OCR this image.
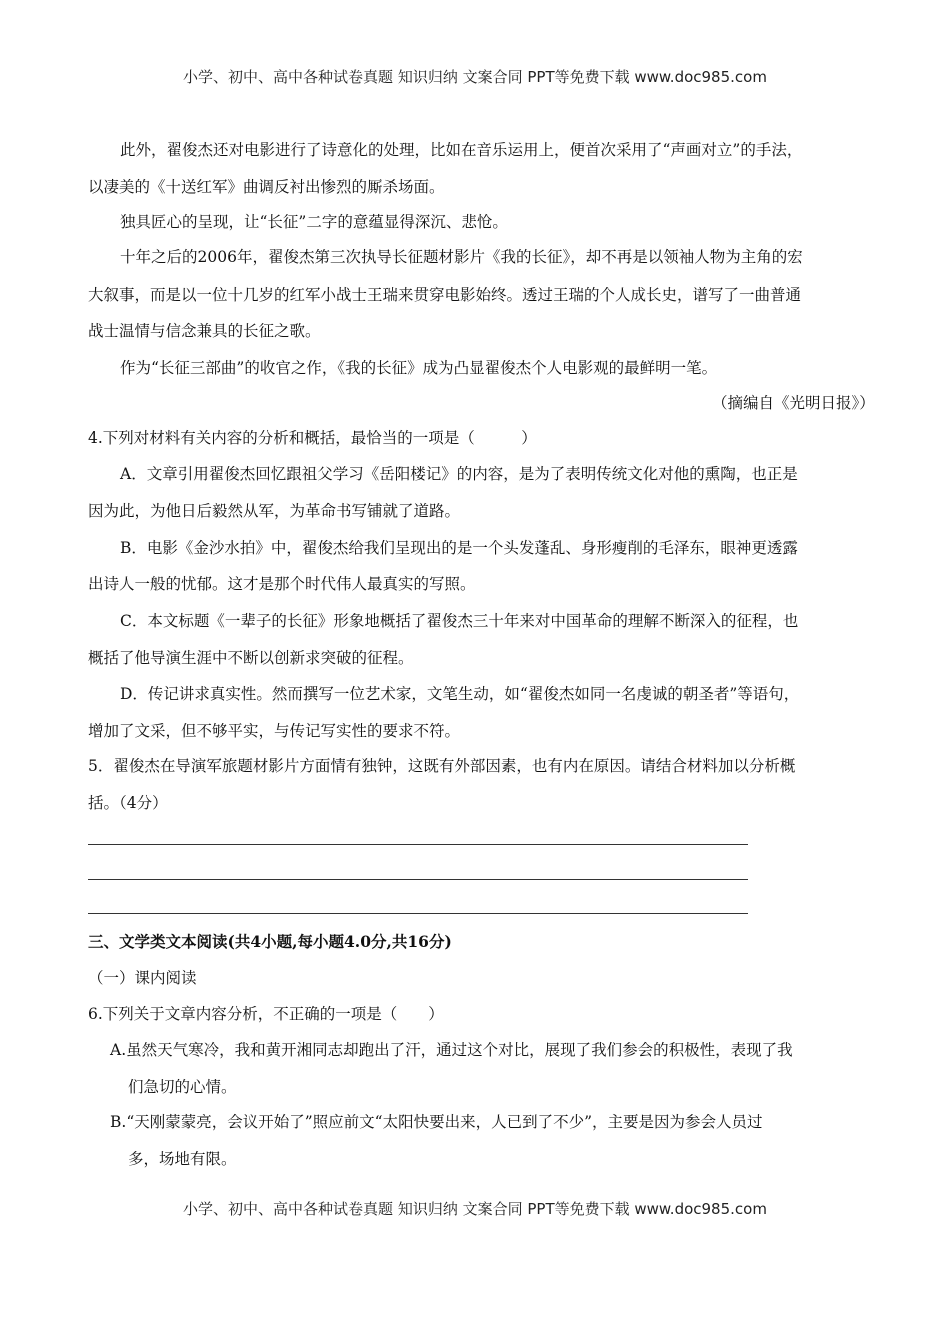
小学、初中、高中各种试卷真题 知识归纳 文案合同 PPT等免费下载 www.doc985.com
此外，翟俊杰还对电影进行了诗意化的处理，比如在音乐运用上，便首次采用了“声画对立”的手法，
以凄美的《十送红军》曲调反衬出惨烈的厮杀场面。
独具匠心的呈现，让“长征”二字的意蕴显得深沉、悲怆。
十年之后的2006年，翟俊杰第三次执导长征题材影片《我的长征》，却不再是以领袖人物为主角的宏
大叙事，而是以一位十几岁的红军小战士王瑞来贯穿电影始终。透过王瑞的个人成长史，谱写了一曲普通
战士温情与信念兼具的长征之歌。
作为“长征三部曲”的收官之作，《我的长征》成为凸显翟俊杰个人电影观的最鲜明一笔。
（摘编自《光明日报》）
4.下列对材料有关内容的分析和概括，最恰当的一项是（　　　）
A．文章引用翟俊杰回忆跟祖父学习《岳阳楼记》的内容，是为了表明传统文化对他的熏陶，也正是
因为此，为他日后毅然从军，为革命书写铺就了道路。
B．电影《金沙水拍》中，翟俊杰给我们呈现出的是一个头发蓬乱、身形瘦削的毛泽东，眼神更透露
出诗人一般的忧郁。这才是那个时代伟人最真实的写照。
C．本文标题《一辈子的长征》形象地概括了翟俊杰三十年来对中国革命的理解不断深入的征程，也
概括了他导演生涯中不断以创新求突破的征程。
D．传记讲求真实性。然而撰写一位艺术家，文笔生动，如“翟俊杰如同一名虔诚的朝圣者”等语句，
增加了文采，但不够平实，与传记写实性的要求不符。
5．翟俊杰在导演军旅题材影片方面情有独钟，这既有外部因素，也有内在原因。请结合材料加以分析概
括。（4分）
三、文学类文本阅读(共4小题,每小题4.0分,共16分)
（一）课内阅读
6.下列关于文章内容分析，不正确的一项是（　　）
A.虽然天气寒冷，我和黄开湘同志却跑出了汗，通过这个对比，展现了我们参会的积极性，表现了我
们急切的心情。
B.“天刚蒙蒙亮，会议开始了”照应前文“太阳快要出来，人已到了不少”，主要是因为参会人员过
多，场地有限。
小学、初中、高中各种试卷真题 知识归纳 文案合同 PPT等免费下载 www.doc985.com
